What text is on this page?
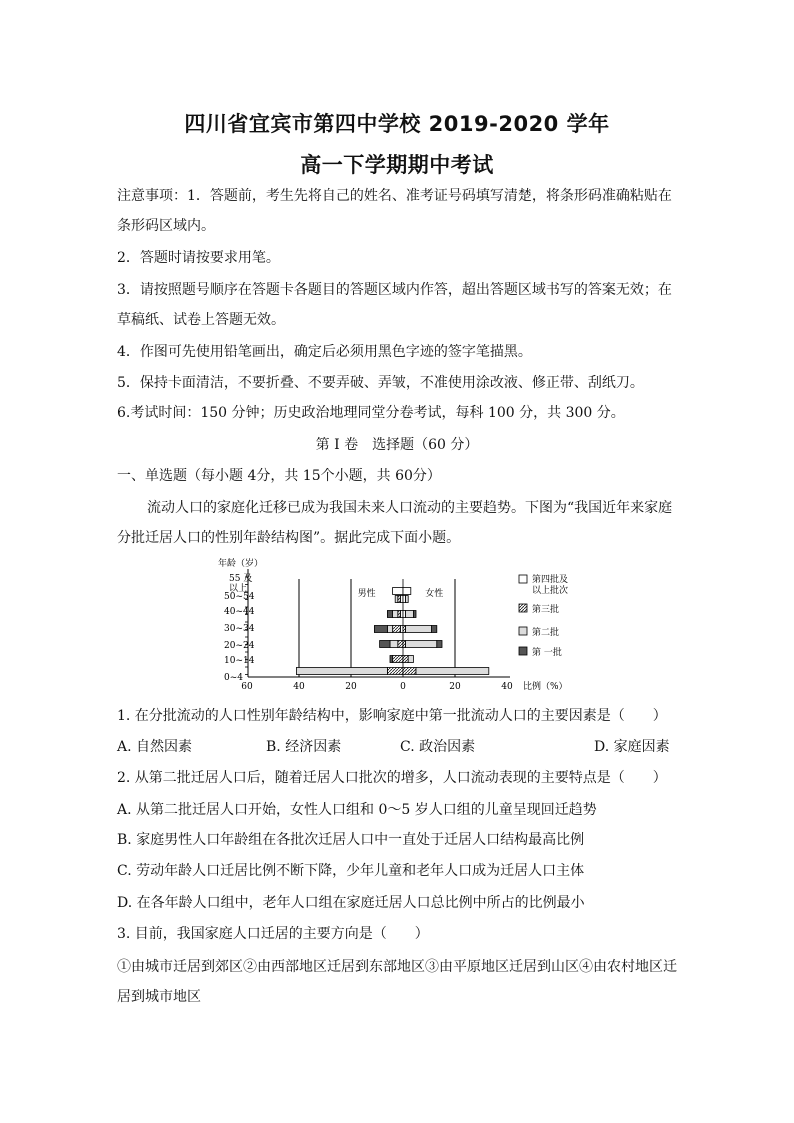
四川省宜宾市第四中学校 2019-2020 学年
高一下学期期中考试
注意事项：1．答题前，考生先将自己的姓名、准考证号码填写清楚，将条形码准确粘贴在
条形码区域内。
2．答题时请按要求用笔。
3．请按照题号顺序在答题卡各题目的答题区域内作答，超出答题区域书写的答案无效；在
草稿纸、试卷上答题无效。
4．作图可先使用铅笔画出，确定后必须用黑色字迹的签字笔描黑。
5．保持卡面清洁，不要折叠、不要弄破、弄皱，不准使用涂改液、修正带、刮纸刀。
6.考试时间：150 分钟；历史政治地理同堂分卷考试，每科 100 分，共 300 分。
第 I 卷　选择题（60 分）
一、单选题（每小题 4分，共 15个小题，共 60分）
流动人口的家庭化迁移已成为我国未来人口流动的主要趋势。下图为“我国近年来家庭
分批迁居人口的性别年龄结构图”。据此完成下面小题。
年龄（岁）
0~4
10~14
20~24
30~34
40~44
50~54
55 及
以上
60	40	20	0	20	40 比例（%）
男性	女性
第四批及
以上批次
第三批
第二批
第 一批
1. 在分批流动的人口性别年龄结构中，影响家庭中第一批流动人口的主要因素是（　　）
A. 自然因素	B. 经济因素	C. 政治因素	D. 家庭因素
2. 从第二批迁居人口后，随着迁居人口批次的增多，人口流动表现的主要特点是（　　）
A. 从第二批迁居人口开始，女性人口组和 0～5 岁人口组的儿童呈现回迁趋势
B. 家庭男性人口年龄组在各批次迁居人口中一直处于迁居人口结构最高比例
C. 劳动年龄人口迁居比例不断下降，少年儿童和老年人口成为迁居人口主体
D. 在各年龄人口组中，老年人口组在家庭迁居人口总比例中所占的比例最小
3. 目前，我国家庭人口迁居的主要方向是（　　）
①由城市迁居到郊区②由西部地区迁居到东部地区③由平原地区迁居到山区④由农村地区迁
居到城市地区
